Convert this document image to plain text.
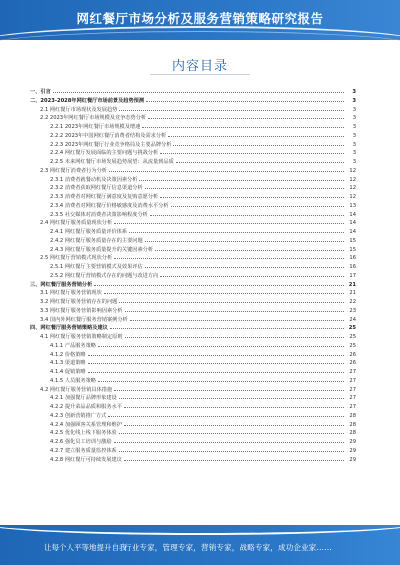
网红餐厅市场分析及服务营销策略研究报告
内容目录
一、引言	3
二、2023-2028年网红餐厅市场前景及趋势预测	3
2.1 网红餐厅市场现状及发展趋势	3
2.2 2023年网红餐厅市场规模及竞争态势分析	3
2.2.1 2023年网红餐厅市场规模及增速	3
2.2.2 2023年中国网红餐厅消费者结构及需求分析	3
2.2.3 2023年网红餐厅行业竞争格局及主要品牌分析	3
2.2.4 网红餐厅发展面临的主要问题与挑战分析	3
2.2.5 未来网红餐厅市场发展趋势展望：从流量到品质	3
2.3 网红餐厅消费者行为分析	12
2.3.1 消费者就餐动机及决策因素分析	12
2.3.2 消费者获取网红餐厅信息渠道分析	12
2.3.3 消费者对网红餐厅满意度及复购意愿分析	12
2.3.4 消费者对网红餐厅价格敏感度及消费水平分析	13
2.3.5 社交媒体对消费者决策影响程度分析	14
2.4 网红餐厅服务质量现状分析	14
2.4.1 网红餐厅服务质量评价体系	14
2.4.2 网红餐厅服务质量存在的主要问题	15
2.4.3 网红餐厅服务质量提升的关键因素分析	15
2.5 网红餐厅营销模式现状分析	16
2.5.1 网红餐厅主要营销模式及效果评估	16
2.5.2 网红餐厅营销模式存在的问题与改进方向	17
三、网红餐厅服务营销分析	21
3.1 网红餐厅服务营销现状	21
3.2 网红餐厅服务营销存在的问题	22
3.3 网红餐厅服务营销影响因素分析	23
3.4 国内外网红餐厅服务营销案例分析	24
四、网红餐厅服务营销策略及建议	25
4.1 网红餐厅服务营销策略制定原则	25
4.1.1 产品服务策略	25
4.1.2 价格策略	26
4.1.3 渠道策略	26
4.1.4 促销策略	27
4.1.5 人员服务策略	27
4.2 网红餐厅服务营销具体措施	27
4.2.1 加强餐厅品牌形象建设	27
4.2.2 提升菜品品质和服务水平	27
4.2.3 创新营销推广方式	28
4.2.4 加强顾客关系管理和维护	28
4.2.5 优化线上线下服务体验	28
4.2.6 强化员工培训与激励	29
4.2.7 建立服务质量监控体系	29
4.2.8 网红餐厅可持续发展建议	29
让每个人平等地提升自我
行业专家，管理专家，营销专家，战略专家，成功企业家……
